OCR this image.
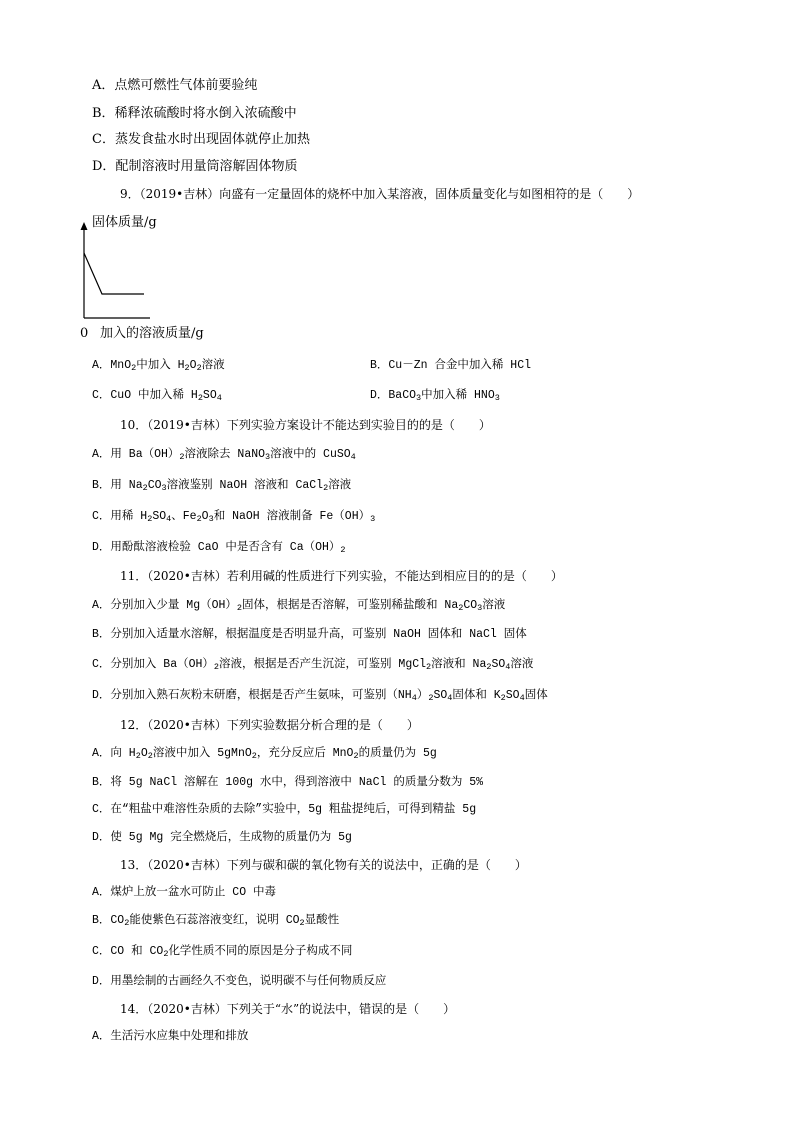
A．点燃可燃性气体前要验纯
B．稀释浓硫酸时将水倒入浓硫酸中
C．蒸发食盐水时出现固体就停止加热
D．配制溶液时用量筒溶解固体物质
9．（2019•吉林）向盛有一定量固体的烧杯中加入某溶液，固体质量变化与如图相符的是（　　）
固体质量/g
0 加入的溶液质量/g
A．MnO$_2$中加入 $H_2O_2$溶液	B．Cu－Zn 合金中加入稀 HCl
C．CuO 中加入稀 $H_2SO_4$	D．BaCO$_3$中加入稀 $HNO_3$
10．（2019•吉林）下列实验方案设计不能达到实验目的的是（　　）
A．用 $Ba(OH)_2$溶液除去 NaNO$_3$溶液中的 CuSO$_4$
B．用 $Na_2CO_3$溶液鉴别 NaOH 溶液和 CaCl$_2$溶液
C．用稀 $H_2SO_4$、$Fe_2O_3$和 NaOH 溶液制备 $Fe(OH)_3$
D．用酚酞溶液检验 CaO 中是否含有 $Ca(OH)_2$
11．（2020•吉林）若利用碱的性质进行下列实验，不能达到相应目的的是（　　）
A．分别加入少量 $Mg(OH)_2$固体，根据是否溶解，可鉴别稀盐酸和 $Na_2CO_3$溶液
B．分别加入适量水溶解，根据温度是否明显升高，可鉴别 NaOH 固体和 NaCl 固体
C．分别加入 $Ba(OH)_2$溶液，根据是否产生沉淀，可鉴别 MgCl$_2$溶液和 $Na_2SO_4$溶液
D．分别加入熟石灰粉末研磨，根据是否产生氨味，可鉴别$(NH_4)_2SO_4$固体和 $K_2SO_4$固体
12．（2020•吉林）下列实验数据分析合理的是（　　）
A．向 $H_2O_2$溶液中加入 5gMnO$_2$，充分反应后 MnO$_2$的质量仍为 5g
B．将 5g NaCl 溶解在 100g 水中，得到溶液中 NaCl 的质量分数为 5%
C．在“粗盐中难溶性杂质的去除”实验中，5g 粗盐提纯后，可得到精盐 5g
D．使 5g Mg 完全燃烧后，生成物的质量仍为 5g
13．（2020•吉林）下列与碳和碳的氧化物有关的说法中，正确的是（　　）
A．煤炉上放一盆水可防止 CO 中毒
B．$CO_2$能使紫色石蕊溶液变红，说明 $CO_2$显酸性
C．CO 和 $CO_2$化学性质不同的原因是分子构成不同
D．用墨绘制的古画经久不变色，说明碳不与任何物质反应
14．（2020•吉林）下列关于“水”的说法中，错误的是（　　）
A．生活污水应集中处理和排放
